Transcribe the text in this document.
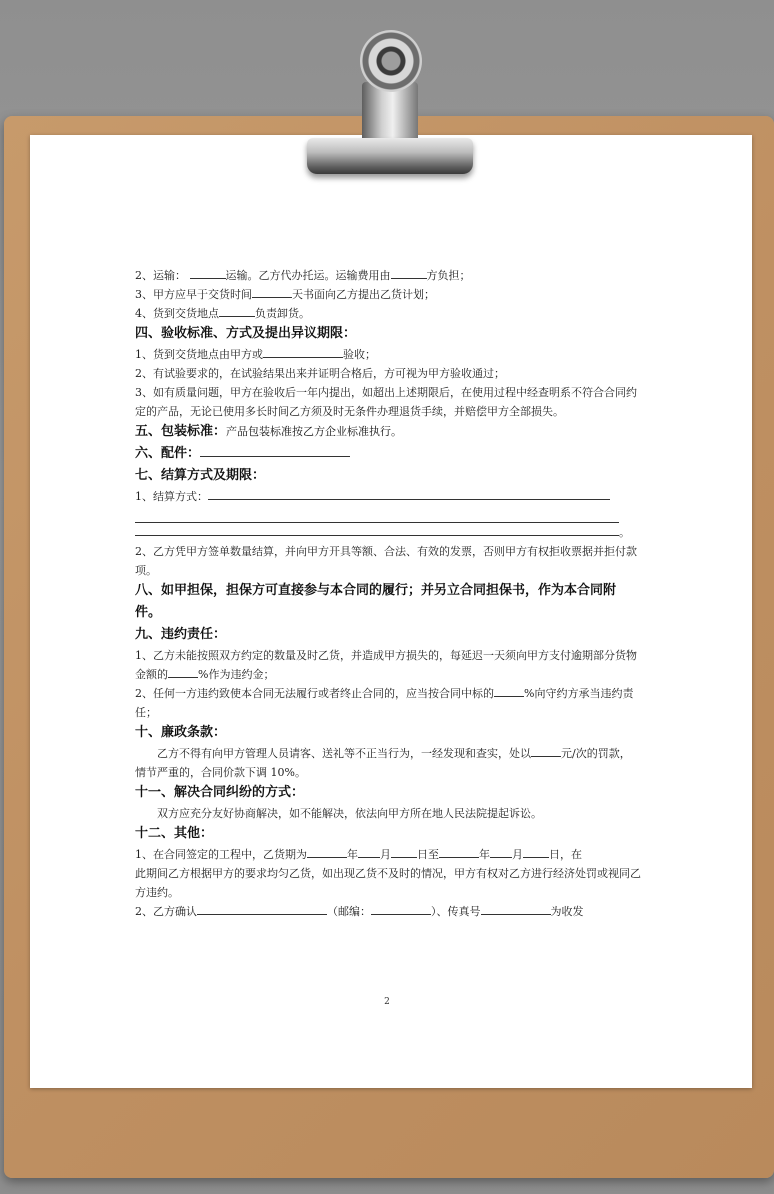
2、运输：	运输。乙方代办托运。运输费用由	方负担；

3、甲方应早于交货时间	天书面向乙方提出乙货计划；

4、货到交货地点	负责卸货。

四、验收标准、方式及提出异议期限：

1、货到交货地点由甲方或	验收；

2、有试验要求的，在试验结果出来并证明合格后，方可视为甲方验收通过；

3、如有质量问题，甲方在验收后一年内提出，如超出上述期限后，在使用过程中经查明系不符合合同约定的产品，无论已使用多长时间乙方须及时无条件办理退货手续，并赔偿甲方全部损失。

五、包装标准：产品包装标准按乙方企业标准执行。

六、配件：

七、结算方式及期限：

1、结算方式：

。

2、乙方凭甲方签单数量结算，并向甲方开具等额、合法、有效的发票，否则甲方有权拒收票据并拒付款项。

八、如甲担保，担保方可直接参与本合同的履行；并另立合同担保书，作为本合同附件。

九、违约责任：

1、乙方未能按照双方约定的数量及时乙货，并造成甲方损失的，每延迟一天须向甲方支付逾期部分货物金额的	%作为违约金；

2、任何一方违约致使本合同无法履行或者终止合同的，应当按合同中标的	%向守约方承当违约责任；

十、廉政条款：

乙方不得有向甲方管理人员请客、送礼等不正当行为，一经发现和查实，处以	元/次的罚款，情节严重的，合同价款下调 10%。

十一、解决合同纠纷的方式：

双方应充分友好协商解决，如不能解决，依法向甲方所在地人民法院提起诉讼。

十二、其他：

1、在合同签定的工程中，乙货期为	年 月 日至	年 月 日，在

此期间乙方根据甲方的要求均匀乙货，如出现乙货不及时的情况，甲方有权对乙方进行经济处罚或视同乙方违约。

2、乙方确认	（邮编：	）、传真号	为收发

2
